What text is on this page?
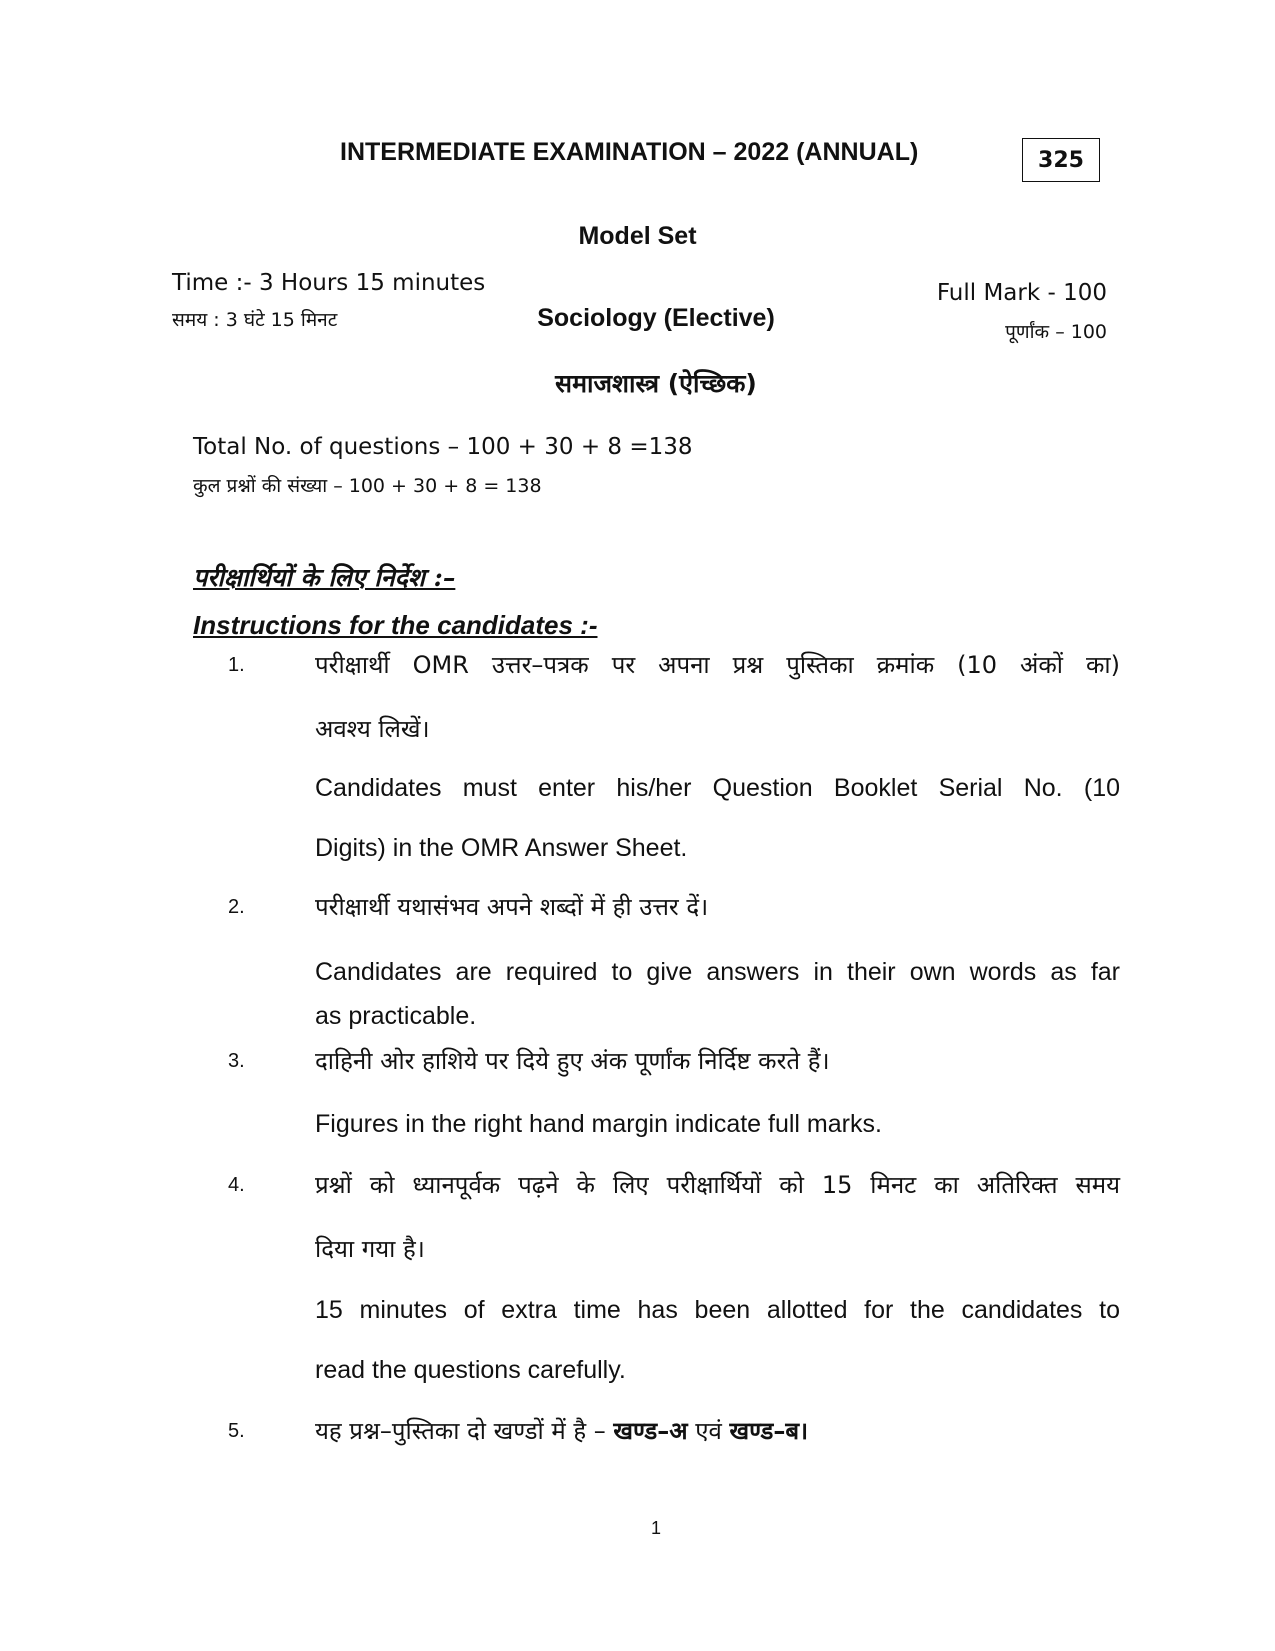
INTERMEDIATE EXAMINATION – 2022 (ANNUAL)	325
Model Set
Time :- 3 Hours 15 minutes
समय : 3 घंटे 15 मिनट	Sociology (Elective)
Full Mark - 100
पूर्णांक – 100
समाजशास्त्र (ऐच्छिक)
Total No. of questions – 100 + 30 + 8 =138
कुल प्रश्नों की संख्या – 100 + 30 + 8 = 138
परीक्षार्थियों के लिए निर्देश :–
Instructions for the candidates :-
1.	परीक्षार्थी OMR उत्तर–पत्रक पर अपना प्रश्न पुस्तिका क्रमांक (10 अंकों का)
अवश्य लिखें।
Candidates must enter his/her Question Booklet Serial No. (10
Digits) in the OMR Answer Sheet.
2.	परीक्षार्थी यथासंभव अपने शब्दों में ही उत्तर दें।
Candidates are required to give answers in their own words as far
as practicable.
3.	दाहिनी ओर हाशिये पर दिये हुए अंक पूर्णांक निर्दिष्ट करते हैं।
Figures in the right hand margin indicate full marks.
4.	प्रश्नों को ध्यानपूर्वक पढ़ने के लिए परीक्षार्थियों को 15 मिनट का अतिरिक्त समय
दिया गया है।
15 minutes of extra time has been allotted for the candidates to
read the questions carefully.
5.	यह प्रश्न–पुस्तिका दो खण्डों में है – खण्ड–अ एवं खण्ड–ब।
1
